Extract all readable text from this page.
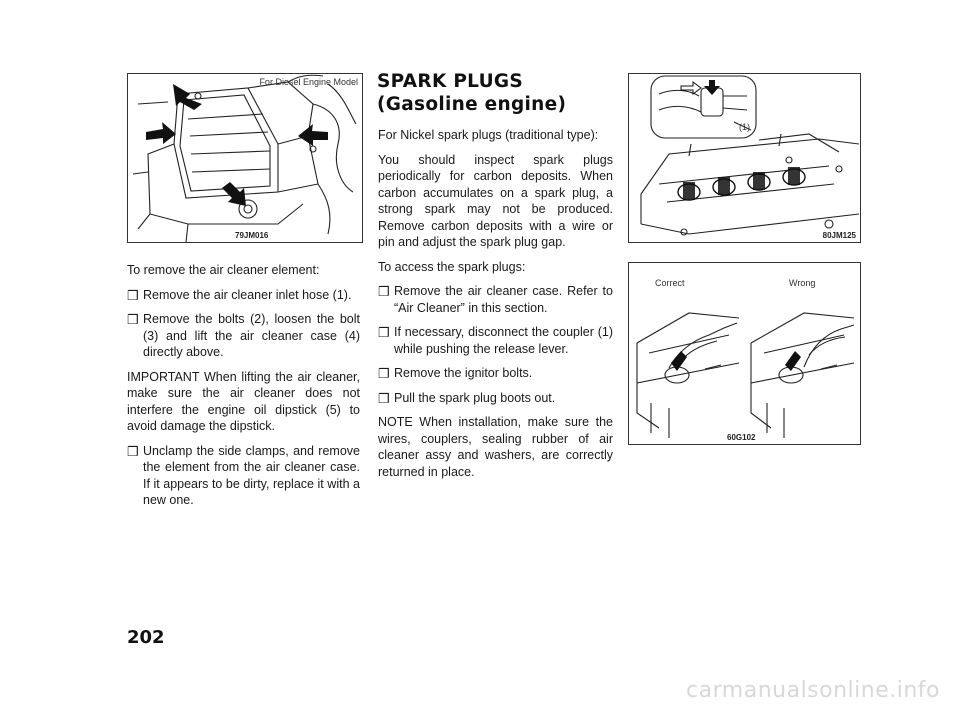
For Diesel Engine Model
79JM016

To remove the air cleaner element:

❒ Remove the air cleaner inlet hose (1).
❒ Remove the bolts (2), loosen the bolt (3) and lift the air cleaner case (4) directly above.

IMPORTANT When lifting the air cleaner, make sure the air cleaner does not interfere the engine oil dipstick (5) to avoid damage the dipstick.

❒ Unclamp the side clamps, and remove the element from the air cleaner case. If it appears to be dirty, replace it with a new one.
SPARK PLUGS
(Gasoline engine)

For Nickel spark plugs (traditional type):

You should inspect spark plugs periodically for carbon deposits. When carbon accumulates on a spark plug, a strong spark may not be produced. Remove carbon deposits with a wire or pin and adjust the spark plug gap.

To access the spark plugs:

❒ Remove the air cleaner case. Refer to “Air Cleaner” in this section.
❒ If necessary, disconnect the coupler (1) while pushing the release lever.
❒ Remove the ignitor bolts.
❒ Pull the spark plug boots out.

NOTE When installation, make sure the wires, couplers, sealing rubber of air cleaner assy and washers, are correctly returned in place.

(1)
80JM125
Correct	Wrong
60G102
202
carmanualsonline.info
